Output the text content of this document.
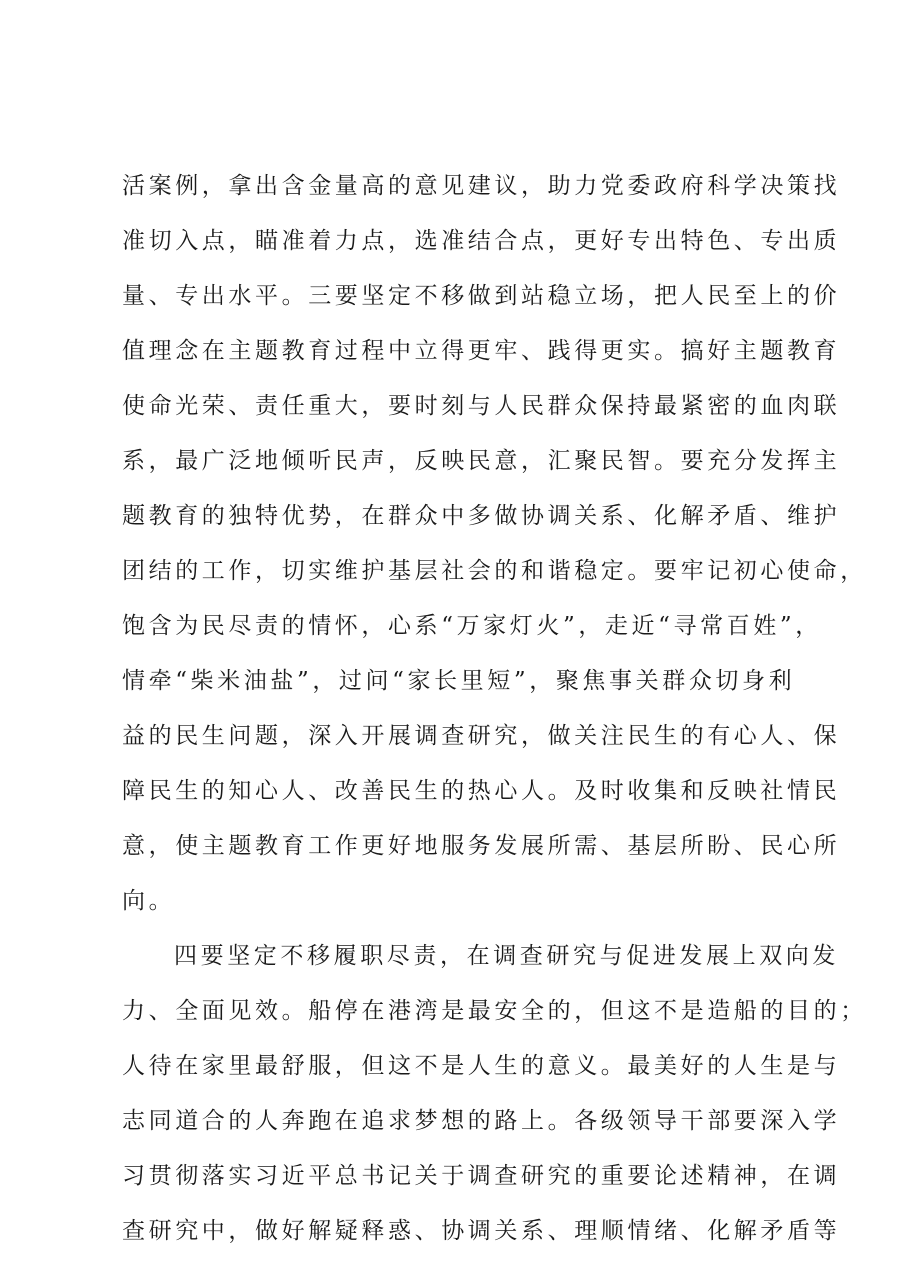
活案例，拿出含金量高的意见建议，助力党委政府科学决策找
准切入点，瞄准着力点，选准结合点，更好专出特色、专出质
量、专出水平。三要坚定不移做到站稳立场，把人民至上的价
值理念在主题教育过程中立得更牢、践得更实。搞好主题教育
使命光荣、责任重大，要时刻与人民群众保持最紧密的血肉联
系，最广泛地倾听民声，反映民意，汇聚民智。要充分发挥主
题教育的独特优势，在群众中多做协调关系、化解矛盾、维护
团结的工作，切实维护基层社会的和谐稳定。要牢记初心使命，
饱含为民尽责的情怀，心系“万家灯火”，走近“寻常百姓”，
情牵“柴米油盐”，过问“家长里短”，聚焦事关群众切身利
益的民生问题，深入开展调查研究，做关注民生的有心人、保
障民生的知心人、改善民生的热心人。及时收集和反映社情民
意，使主题教育工作更好地服务发展所需、基层所盼、民心所
向。
四要坚定不移履职尽责，在调查研究与促进发展上双向发
力、全面见效。船停在港湾是最安全的，但这不是造船的目的；
人待在家里最舒服，但这不是人生的意义。最美好的人生是与
志同道合的人奔跑在追求梦想的路上。各级领导干部要深入学
习贯彻落实习近平总书记关于调查研究的重要论述精神，在调
查研究中，做好解疑释惑、协调关系、理顺情绪、化解矛盾等
